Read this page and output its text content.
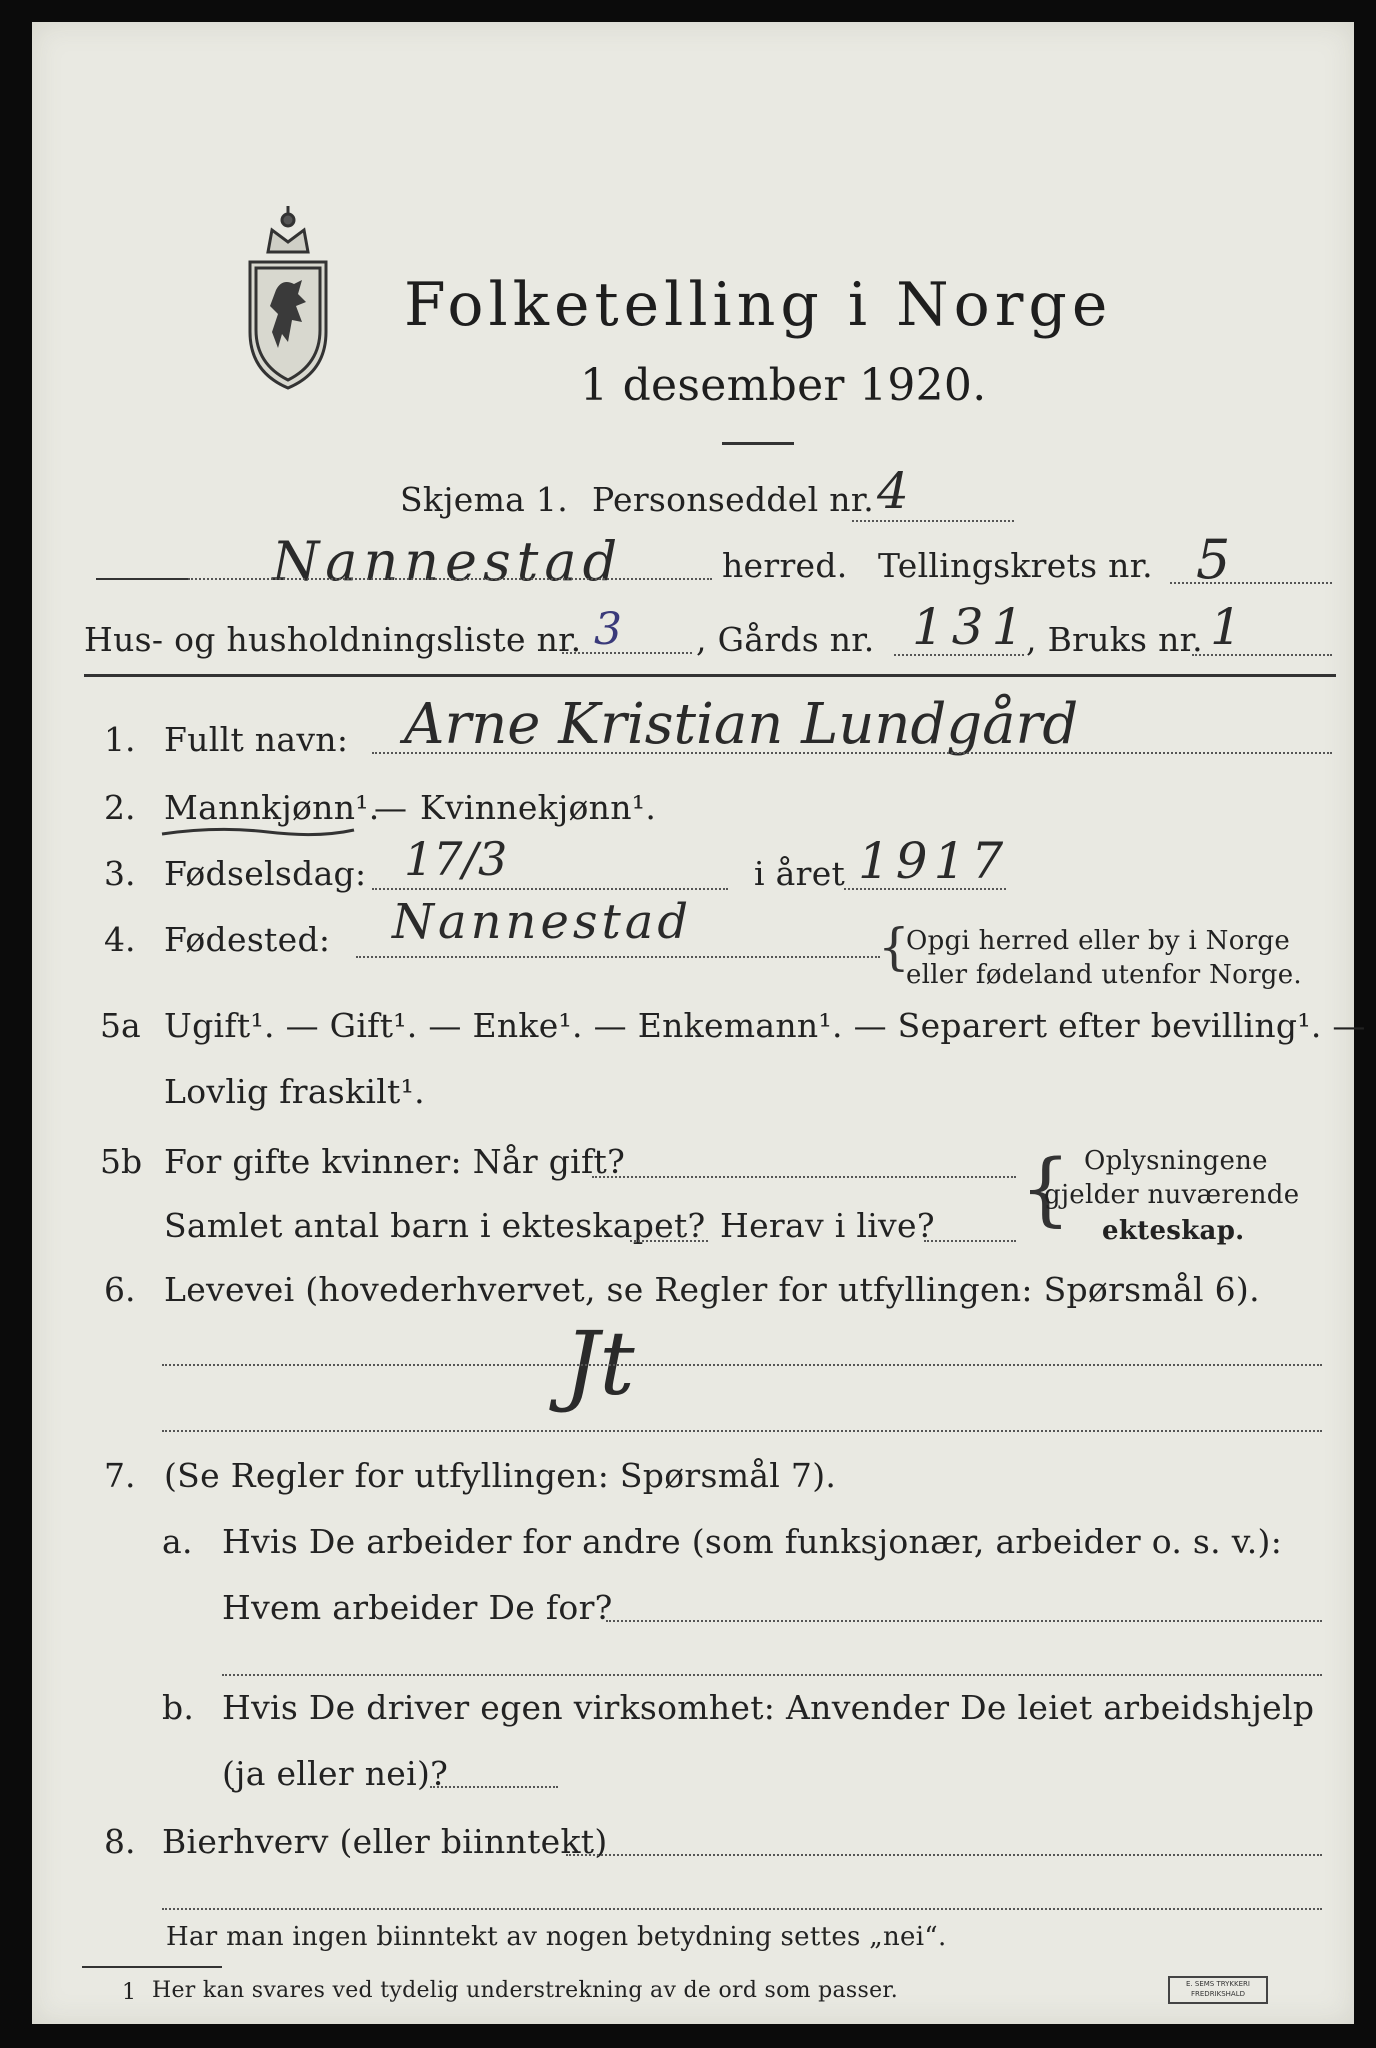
Folketelling i Norge
1 desember 1920.
Skjema 1. Personseddel nr. 4
Nannestad	herred. Tellingskrets nr. 5
Hus- og husholdningsliste nr. 3 , Gårds nr. 131
, Bruks nr. 1
1. Fullt navn: Arne Kristian Lundgård
2. Mannkjønn¹.
— Kvinnekjønn¹.
3. Fødselsdag: 17/3	i året 1917
4. Fødested: Nannestad	{
Opgi herred eller by i Norge
eller fødeland utenfor Norge.
5a Ugift¹. — Gift¹. — Enke¹. — Enkemann¹. — Separert efter bevilling¹. —
Lovlig fraskilt¹.
5b For gifte kvinner: Når gift?
Samlet antal barn i ekteskapet? Herav i live? { Oplysningene
gjelder nuværende
ekteskap.
6. Levevei (hovederhvervet, se Regler for utfyllingen: Spørsmål 6).
Jt
7. (Se Regler for utfyllingen: Spørsmål 7).
a. Hvis De arbeider for andre (som funksjonær, arbeider o. s. v.):
Hvem arbeider De for?
b. Hvis De driver egen virksomhet: Anvender De leiet arbeidshjelp
(ja eller nei)?
8. Bierhverv (eller biinntekt)
Har man ingen biinntekt av nogen betydning settes „nei“.
1 Her kan svares ved tydelig understrekning av de ord som passer.	E. SEMS TRYKKERI
FREDRIKSHALD
